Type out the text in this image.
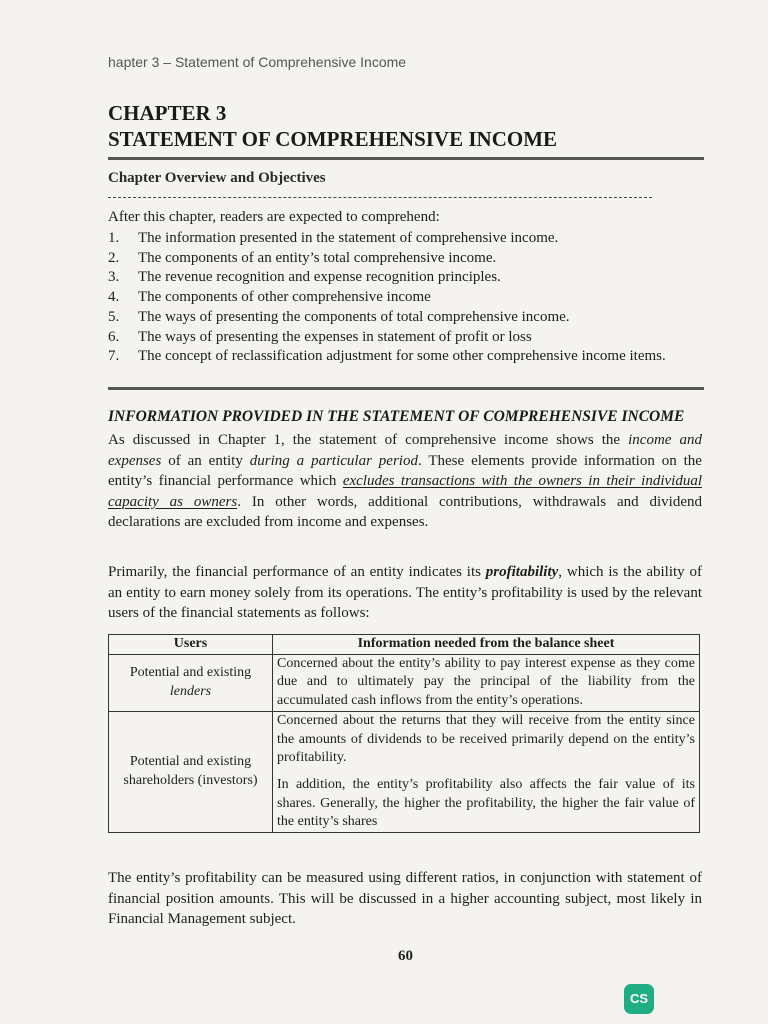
hapter 3 – Statement of Comprehensive Income
CHAPTER 3
STATEMENT OF COMPREHENSIVE INCOME
Chapter Overview and Objectives
After this chapter, readers are expected to comprehend:
1.	The information presented in the statement of comprehensive income.
2.	The components of an entity’s total comprehensive income.
3.	The revenue recognition and expense recognition principles.
4.	The components of other comprehensive income
5.	The ways of presenting the components of total comprehensive income.
6.	The ways of presenting the expenses in statement of profit or loss
7.	The concept of reclassification adjustment for some other comprehensive income items.
INFORMATION PROVIDED IN THE STATEMENT OF COMPREHENSIVE INCOME
As discussed in Chapter 1, the statement of comprehensive income shows the income and expenses of an entity during a particular period. These elements provide information on the entity’s financial performance which excludes transactions with the owners in their individual capacity as owners. In other words, additional contributions, withdrawals and dividend declarations are excluded from income and expenses.
Primarily, the financial performance of an entity indicates its profitability, which is the ability of an entity to earn money solely from its operations. The entity’s profitability is used by the relevant users of the financial statements as follows:
Users	Information needed from the balance sheet
Potential and existing lenders	Concerned about the entity’s ability to pay interest expense as they come due and to ultimately pay the principal of the liability from the accumulated cash inflows from the entity’s operations.

Potential and existing shareholders (investors)	Concerned about the returns that they will receive from the entity since the amounts of dividends to be received primarily depend on the entity’s profitability.
In addition, the entity’s profitability also affects the fair value of its shares. Generally, the higher the profitability, the higher the fair value of the entity’s shares
The entity’s profitability can be measured using different ratios, in conjunction with statement of financial position amounts. This will be discussed in a higher accounting subject, most likely in Financial Management subject.
60
CS
